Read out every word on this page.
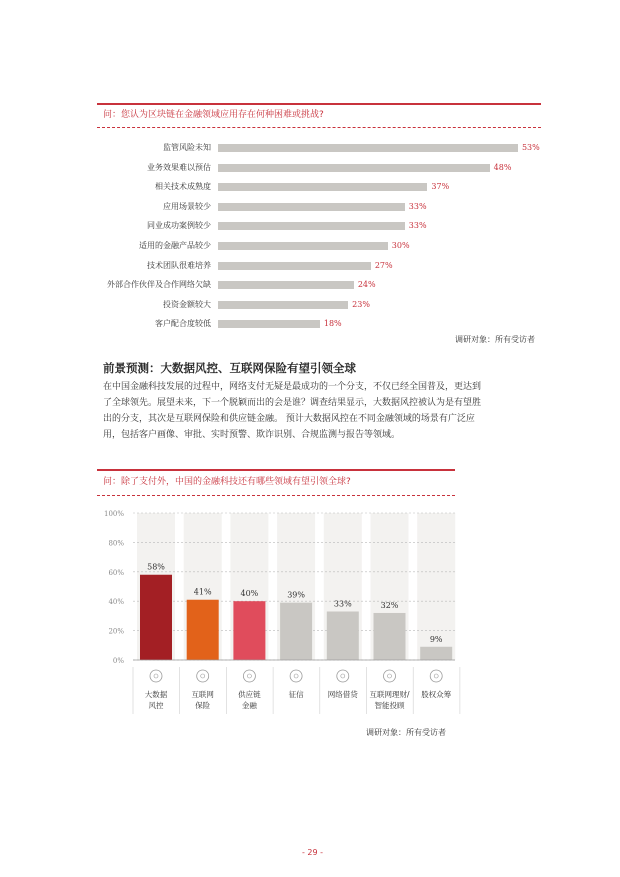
问：您认为区块链在金融领域应用存在何种困难或挑战?
监管风险未知	53%
业务效果难以预估	48%
相关技术成熟度	37%
应用场景较少	33%
同业成功案例较少	33%
适用的金融产品较少	30%
技术团队很难培养	27%
外部合作伙伴及合作网络欠缺	24%
投资金额较大	23%
客户配合度较低	18%
调研对象：所有受访者
前景预测：大数据风控、互联网保险有望引领全球
在中国金融科技发展的过程中，网络支付无疑是最成功的一个分支，不仅已经全国普及，更达到
了全球领先。展望未来，下一个脱颖而出的会是谁？调查结果显示，大数据风控被认为是有望胜
出的分支，其次是互联网保险和供应链金融。 预计大数据风控在不同金融领域的场景有广泛应
用，包括客户画像、审批、实时预警、欺诈识别、合规监测与报告等领域。
问：除了支付外，中国的金融科技还有哪些领域有望引领全球?
0%
20%
40%
60%
80%
100%
58%
大数据
风控
41%
互联网
保险
40%
供应链
金融
39%
征信
33%
网络借贷
32%
互联网理财/
智能投顾
9%
股权众筹
调研对象：所有受访者
- 29 -
